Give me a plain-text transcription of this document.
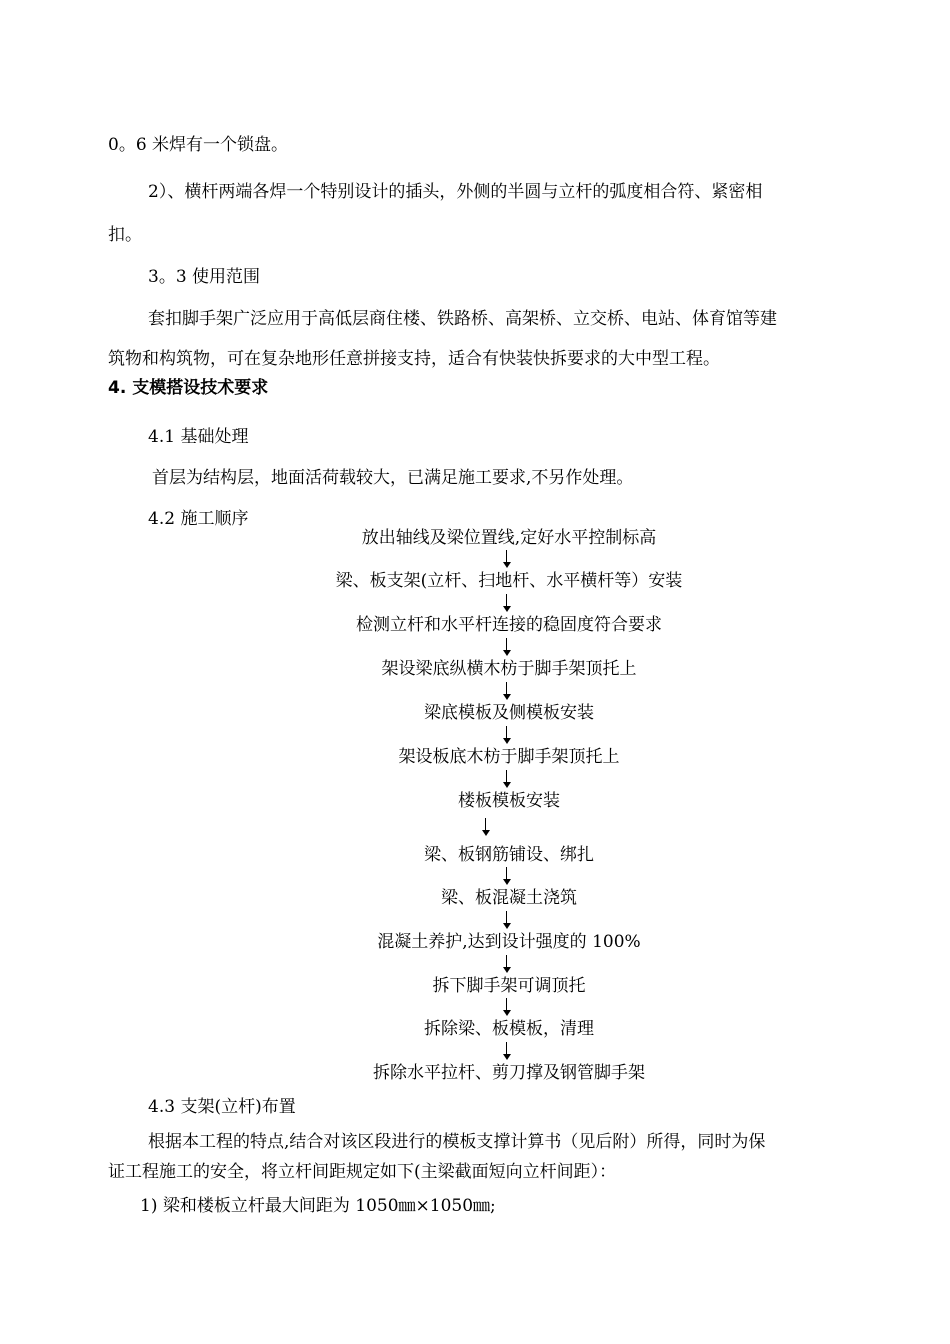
0。6 米焊有一个锁盘。
2）、横杆两端各焊一个特别设计的插头，外侧的半圆与立杆的弧度相合符、紧密相
扣。
3。3 使用范围
套扣脚手架广泛应用于高低层商住楼、铁路桥、高架桥、立交桥、电站、体育馆等建
筑物和构筑物，可在复杂地形任意拼接支持，适合有快装快拆要求的大中型工程。
4. 支模搭设技术要求
4.1 基础处理
首层为结构层，地面活荷载较大，已满足施工要求,不另作处理。
4.2 施工顺序
放出轴线及梁位置线,定好水平控制标高
梁、板支架(立杆、扫地杆、水平横杆等）安装
检测立杆和水平杆连接的稳固度符合要求
架设梁底纵横木枋于脚手架顶托上
梁底模板及侧模板安装
架设板底木枋于脚手架顶托上
楼板模板安装
梁、板钢筋铺设、绑扎
梁、板混凝土浇筑
混凝土养护,达到设计强度的 100%
拆下脚手架可调顶托
拆除梁、板模板，清理
拆除水平拉杆、剪刀撑及钢管脚手架
4.3 支架(立杆)布置
根据本工程的特点,结合对该区段进行的模板支撑计算书（见后附）所得，同时为保
证工程施工的安全，将立杆间距规定如下(主梁截面短向立杆间距）：
1) 梁和楼板立杆最大间距为 1050㎜×1050㎜;
